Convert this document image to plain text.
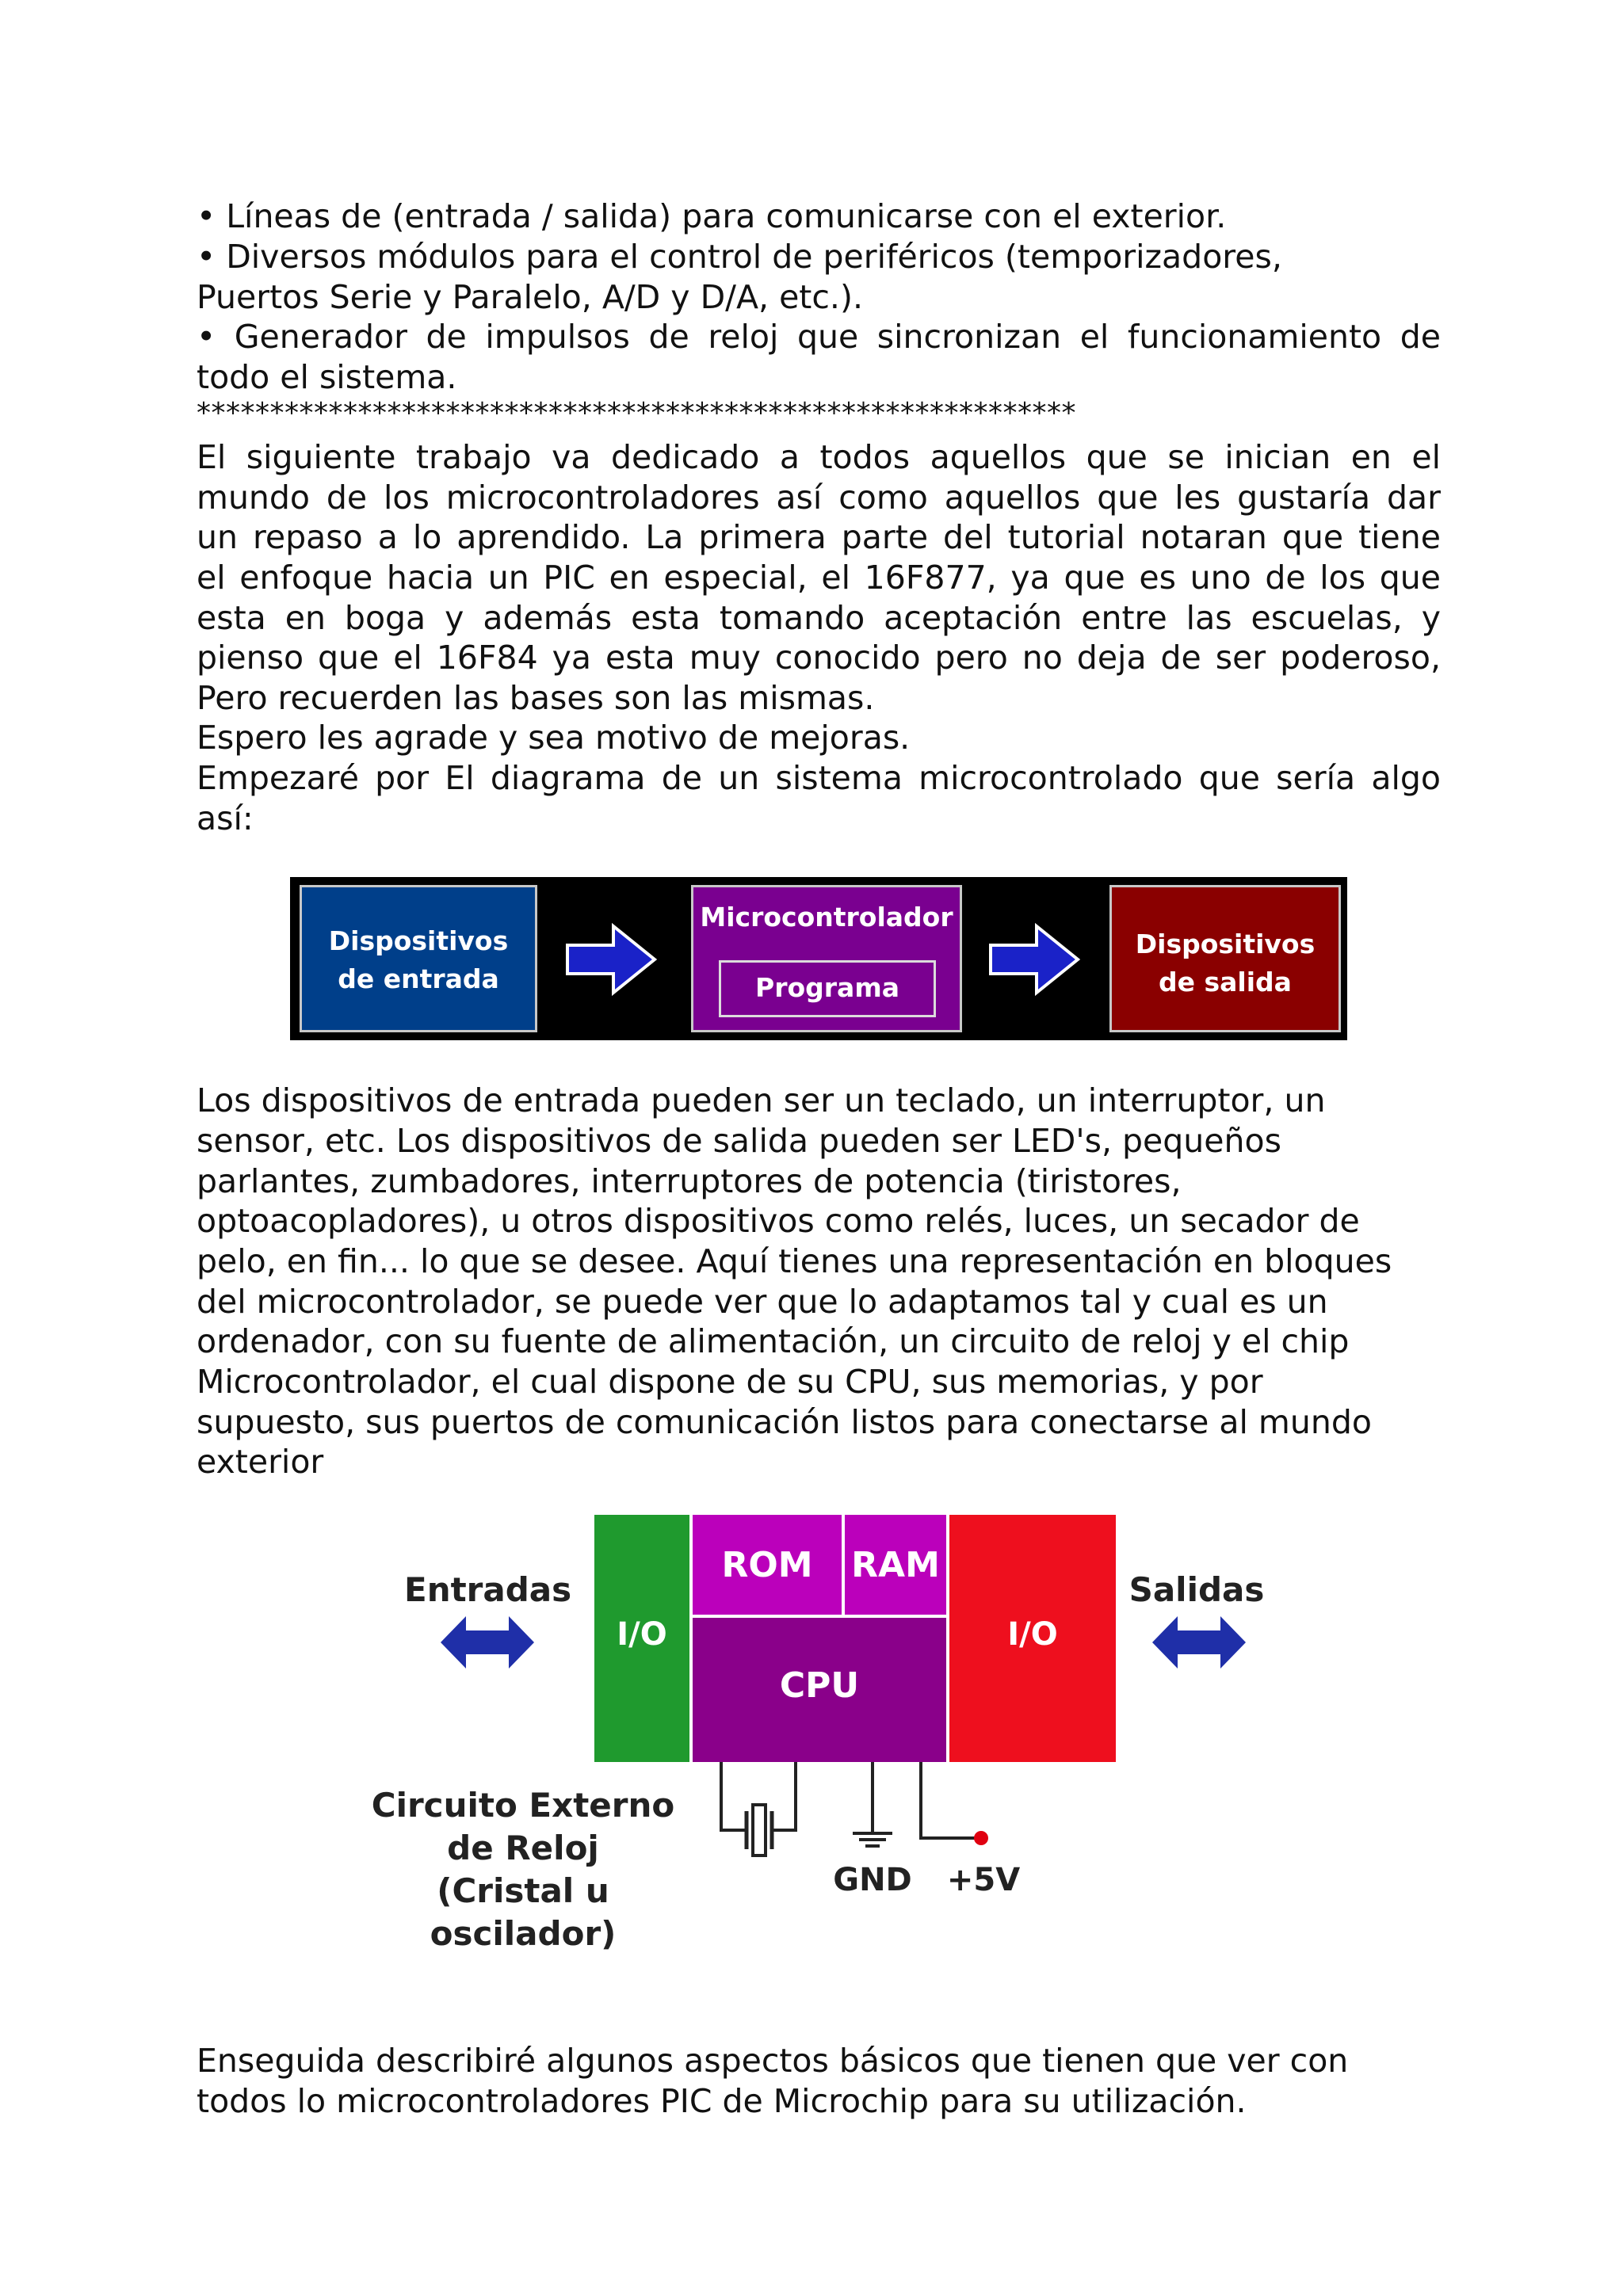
• Líneas de (entrada / salida) para comunicarse con el exterior.
• Diversos módulos para el control de periféricos (temporizadores,
Puertos Serie y Paralelo, A/D y D/A, etc.).
• Generador de impulsos de reloj que sincronizan el funcionamiento de
todo el sistema.
************************************************************
El siguiente trabajo va dedicado a todos aquellos que se inician en el
mundo de los microcontroladores así como aquellos que les gustaría dar
un repaso a lo aprendido. La primera parte del tutorial notaran que tiene
el enfoque hacia un PIC en especial, el 16F877, ya que es uno de los que
esta en boga y además esta tomando aceptación entre las escuelas, y
pienso que el 16F84 ya esta muy conocido pero no deja de ser poderoso,
Pero recuerden las bases son las mismas.
Espero les agrade y sea motivo de mejoras.
Empezaré por El diagrama de un sistema microcontrolado que sería algo
así:
Dispositivos
de entrada
Microcontrolador
Programa
Dispositivos
de salida
Los dispositivos de entrada pueden ser un teclado, un interruptor, un
sensor, etc. Los dispositivos de salida pueden ser LED's, pequeños
parlantes, zumbadores, interruptores de potencia (tiristores,
optoacopladores), u otros dispositivos como relés, luces, un secador de
pelo, en fin... lo que se desee. Aquí tienes una representación en bloques
del microcontrolador, se puede ver que lo adaptamos tal y cual es un
ordenador, con su fuente de alimentación, un circuito de reloj y el chip
Microcontrolador, el cual dispone de su CPU, sus memorias, y por
supuesto, sus puertos de comunicación listos para conectarse al mundo
exterior
Entradas
I/O
ROM	RAM
CPU
I/O
Salidas
Circuito Externo
de Reloj
(Cristal u oscilador)
GND +5V
Enseguida describiré algunos aspectos básicos que tienen que ver con
todos lo microcontroladores PIC de Microchip para su utilización.
